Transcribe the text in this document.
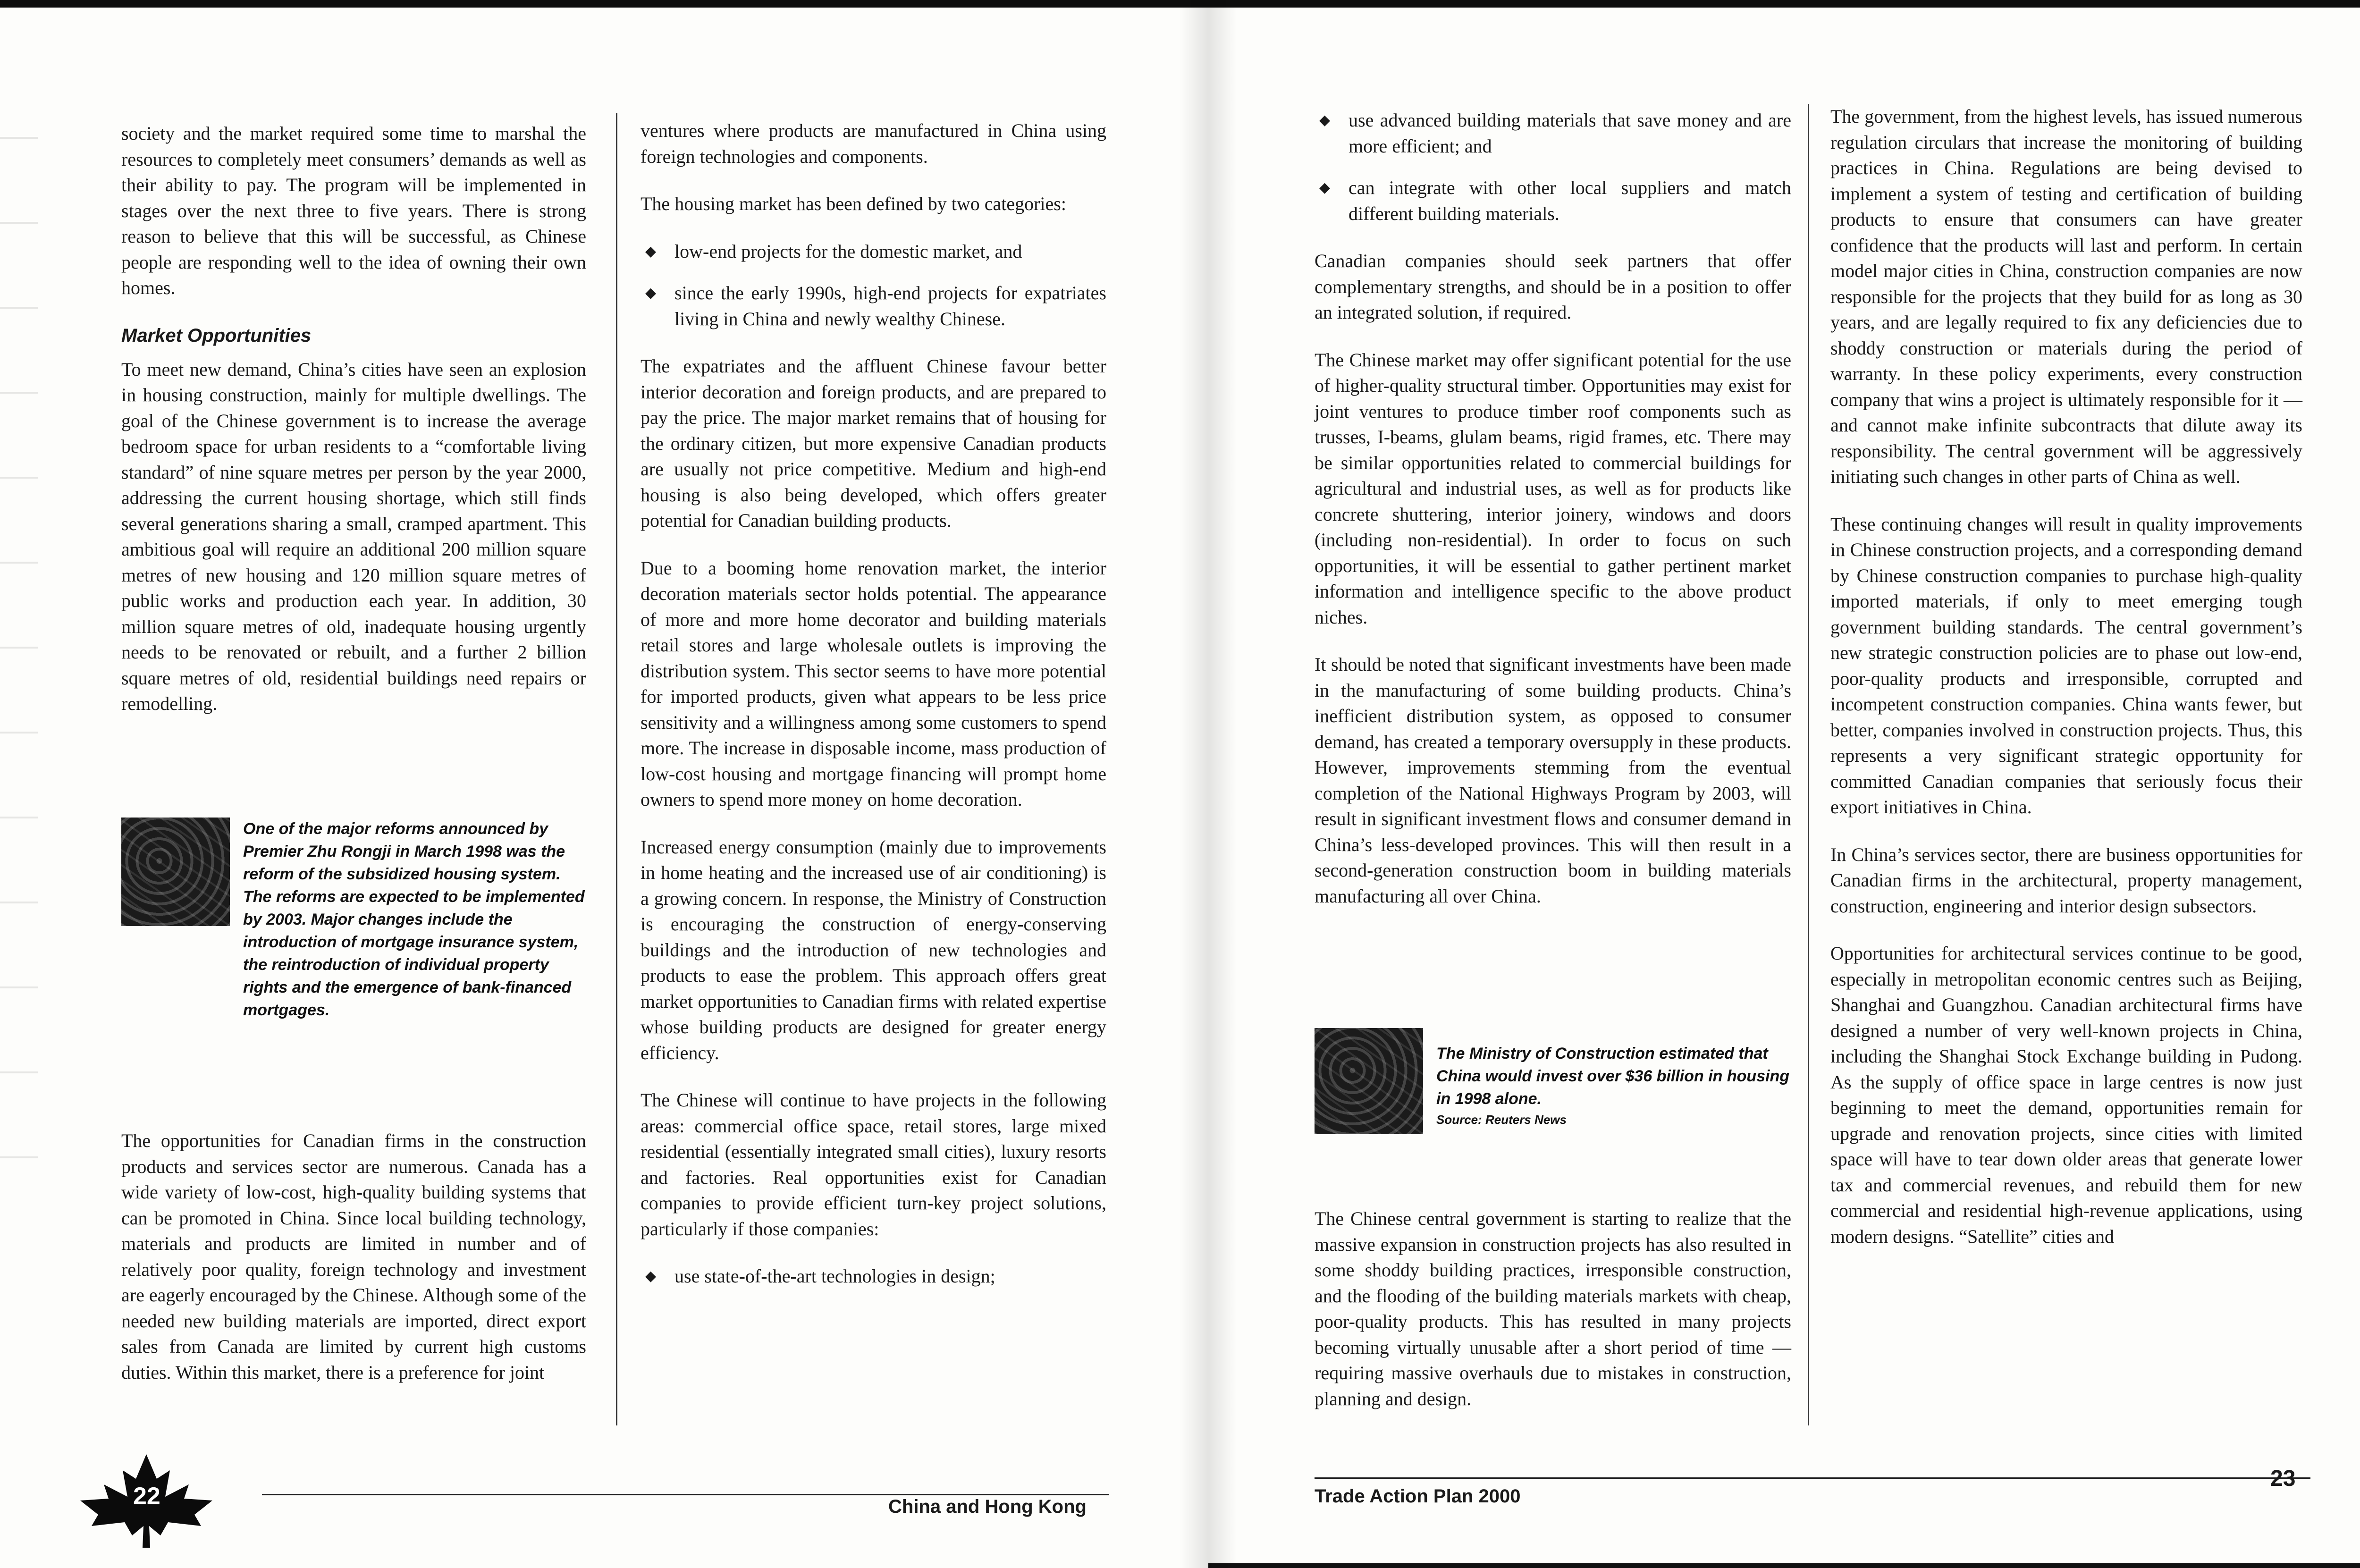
society and the market required some time to marshal the resources to completely meet consumers’ demands as well as their ability to pay. The program will be implemented in stages over the next three to five years. There is strong reason to believe that this will be successful, as Chinese people are responding well to the idea of owning their own homes.

Market Opportunities

To meet new demand, China’s cities have seen an explosion in housing construction, mainly for multiple dwellings. The goal of the Chinese government is to increase the average bedroom space for urban residents to a “comfortable living standard” of nine square metres per person by the year 2000, addressing the current housing shortage, which still finds several generations sharing a small, cramped apartment. This ambitious goal will require an additional 200 million square metres of new housing and 120 million square metres of public works and production each year. In addition, 30 million square metres of old, inadequate housing urgently needs to be renovated or rebuilt, and a further 2 billion square metres of old, residential buildings need repairs or remodelling.

One of the major reforms announced by Premier Zhu Rongji in March 1998 was the reform of the subsidized housing system. The reforms are expected to be implemented by 2003. Major changes include the introduction of mortgage insurance system, the reintroduction of individual property rights and the emergence of bank-financed mortgages.

The opportunities for Canadian firms in the construction products and services sector are numerous. Canada has a wide variety of low-cost, high-quality building systems that can be promoted in China. Since local building technology, materials and products are limited in number and of relatively poor quality, foreign technology and investment are eagerly encouraged by the Chinese. Although some of the needed new building materials are imported, direct export sales from Canada are limited by current high customs duties. Within this market, there is a preference for joint

ventures where products are manufactured in China using foreign technologies and components.

The housing market has been defined by two categories:

◆ low-end projects for the domestic market, and
◆ since the early 1990s, high-end projects for expatriates living in China and newly wealthy Chinese.

The expatriates and the affluent Chinese favour better interior decoration and foreign products, and are prepared to pay the price. The major market remains that of housing for the ordinary citizen, but more expensive Canadian products are usually not price competitive. Medium and high-end housing is also being developed, which offers greater potential for Canadian building products.

Due to a booming home renovation market, the interior decoration materials sector holds potential. The appearance of more and more home decorator and building materials retail stores and large wholesale outlets is improving the distribution system. This sector seems to have more potential for imported products, given what appears to be less price sensitivity and a willingness among some customers to spend more. The increase in disposable income, mass production of low-cost housing and mortgage financing will prompt home owners to spend more money on home decoration.

Increased energy consumption (mainly due to improvements in home heating and the increased use of air conditioning) is a growing concern. In response, the Ministry of Construction is encouraging the construction of energy-conserving buildings and the introduction of new technologies and products to ease the problem. This approach offers great market opportunities to Canadian firms with related expertise whose building products are designed for greater energy efficiency.

The Chinese will continue to have projects in the following areas: commercial office space, retail stores, large mixed residential (essentially integrated small cities), luxury resorts and factories. Real opportunities exist for Canadian companies to provide efficient turn-key project solutions, particularly if those companies:

◆ use state-of-the-art technologies in design;
22	China and Hong Kong
◆ use advanced building materials that save money and are more efficient; and
◆ can integrate with other local suppliers and match different building materials.

Canadian companies should seek partners that offer complementary strengths, and should be in a position to offer an integrated solution, if required.

The Chinese market may offer significant potential for the use of higher-quality structural timber. Opportunities may exist for joint ventures to produce timber roof components such as trusses, I-beams, glulam beams, rigid frames, etc. There may be similar opportunities related to commercial buildings for agricultural and industrial uses, as well as for products like concrete shuttering, interior joinery, windows and doors (including non-residential). In order to focus on such opportunities, it will be essential to gather pertinent market information and intelligence specific to the above product niches.

It should be noted that significant investments have been made in the manufacturing of some building products. China’s inefficient distribution system, as opposed to consumer demand, has created a temporary oversupply in these products. However, improvements stemming from the eventual completion of the National Highways Program by 2003, will result in significant investment flows and consumer demand in China’s less-developed provinces. This will then result in a second-generation construction boom in building materials manufacturing all over China.

The Ministry of Construction estimated that China would invest over $36 billion in housing in 1998 alone.
Source: Reuters News

The Chinese central government is starting to realize that the massive expansion in construction projects has also resulted in some shoddy building practices, irresponsible construction, and the flooding of the building materials markets with cheap, poor-quality products. This has resulted in many projects becoming virtually unusable after a short period of time — requiring massive overhauls due to mistakes in construction, planning and design.

The government, from the highest levels, has issued numerous regulation circulars that increase the monitoring of building practices in China. Regulations are being devised to implement a system of testing and certification of building products to ensure that consumers can have greater confidence that the products will last and perform. In certain model major cities in China, construction companies are now responsible for the projects that they build for as long as 30 years, and are legally required to fix any deficiencies due to shoddy construction or materials during the period of warranty. In these policy experiments, every construction company that wins a project is ultimately responsible for it — and cannot make infinite subcontracts that dilute away its responsibility. The central government will be aggressively initiating such changes in other parts of China as well.

These continuing changes will result in quality improvements in Chinese construction projects, and a corresponding demand by Chinese construction companies to purchase high-quality imported materials, if only to meet emerging tough government building standards. The central government’s new strategic construction policies are to phase out low-end, poor-quality products and irresponsible, corrupted and incompetent construction companies. China wants fewer, but better, companies involved in construction projects. Thus, this represents a very significant strategic opportunity for committed Canadian companies that seriously focus their export initiatives in China.

In China’s services sector, there are business opportunities for Canadian firms in the architectural, property management, construction, engineering and interior design subsectors.

Opportunities for architectural services continue to be good, especially in metropolitan economic centres such as Beijing, Shanghai and Guangzhou. Canadian architectural firms have designed a number of very well-known projects in China, including the Shanghai Stock Exchange building in Pudong. As the supply of office space in large centres is now just beginning to meet the demand, opportunities remain for upgrade and renovation projects, since cities with limited space will have to tear down older areas that generate lower tax and commercial revenues, and rebuild them for new commercial and residential high-revenue applications, using modern designs. “Satellite” cities and

Trade Action Plan 2000
23
